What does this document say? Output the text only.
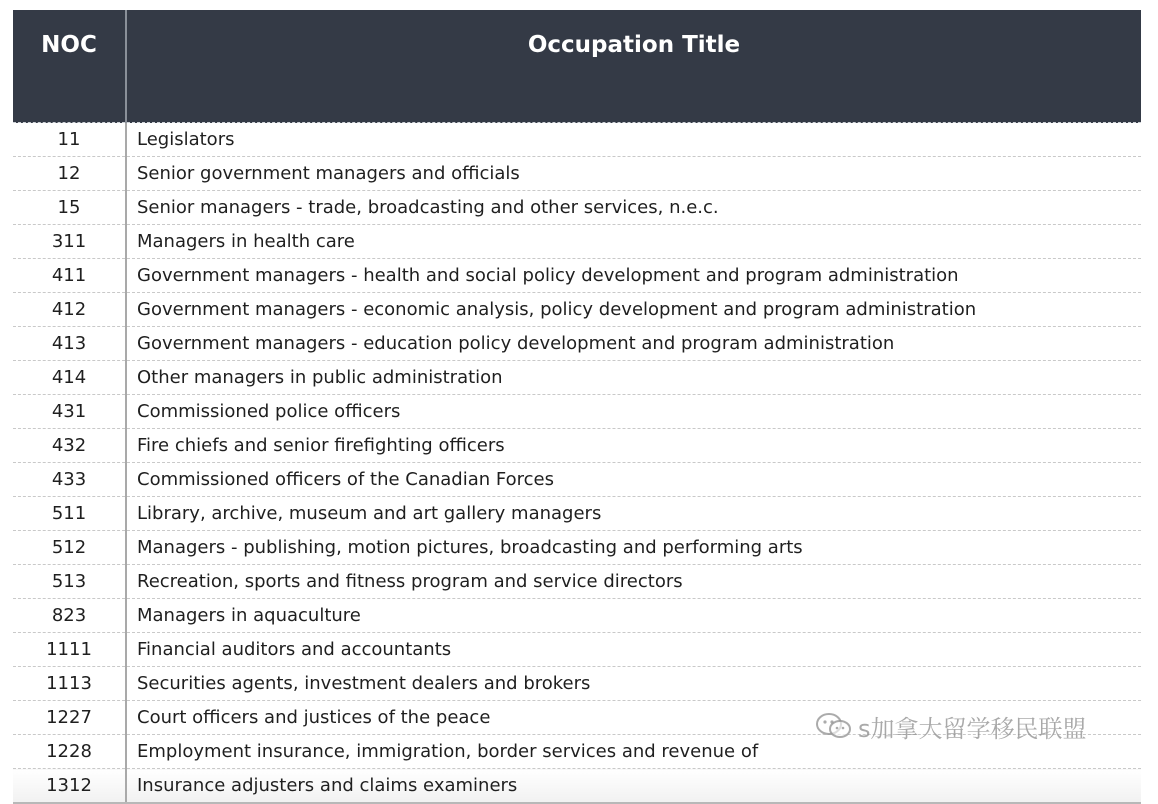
NOC	Occupation Title
11	Legislators
12	Senior government managers and officials
15	Senior managers - trade, broadcasting and other services, n.e.c.
311	Managers in health care
411	Government managers - health and social policy development and program administration
412	Government managers - economic analysis, policy development and program administration
413	Government managers - education policy development and program administration
414	Other managers in public administration
431	Commissioned police officers
432	Fire chiefs and senior firefighting officers
433	Commissioned officers of the Canadian Forces
511	Library, archive, museum and art gallery managers
512	Managers - publishing, motion pictures, broadcasting and performing arts
513	Recreation, sports and fitness program and service directors
823	Managers in aquaculture
1111	Financial auditors and accountants
1113	Securities agents, investment dealers and brokers
1227	Court officers and justices of the peace
1228	Employment insurance, immigration, border services and revenue of
1312	Insurance adjusters and claims examiners
s加拿大留学移民联盟
